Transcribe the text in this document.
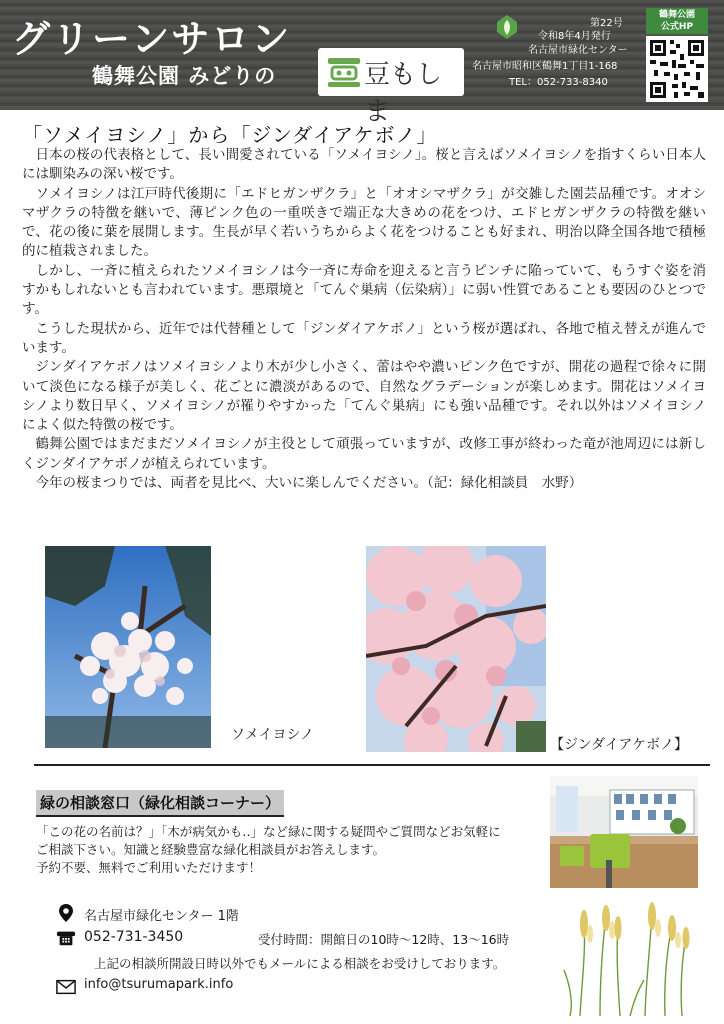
グリーンサロン
鶴舞公園 みどりの	豆もしま
第22号
令和8年4月発行
名古屋市緑化センター
名古屋市昭和区鶴舞1丁目1-168
TEL：052-733-8340
鶴舞公園
公式HP
「ソメイヨシノ」から「ジンダイアケボノ」

日本の桜の代表格として、長い間愛されている「ソメイヨシノ」。桜と言えばソメイヨシノを指すくらい日本人には馴染みの深い桜です。

ソメイヨシノは江戸時代後期に「エドヒガンザクラ」と「オオシマザクラ」が交雑した園芸品種です。オオシマザクラの特徴を継いで、薄ピンク色の一重咲きで端正な大きめの花をつけ、エドヒガンザクラの特徴を継いで、花の後に葉を展開します。生長が早く若いうちからよく花をつけることも好まれ、明治以降全国各地で積極的に植栽されました。

しかし、一斉に植えられたソメイヨシノは今一斉に寿命を迎えると言うピンチに陥っていて、もうすぐ姿を消すかもしれないとも言われています。悪環境と「てんぐ巣病（伝染病）」に弱い性質であることも要因のひとつです。

こうした現状から、近年では代替種として「ジンダイアケボノ」という桜が選ばれ、各地で植え替えが進んでいます。

ジンダイアケボノはソメイヨシノより木が少し小さく、蕾はやや濃いピンク色ですが、開花の過程で徐々に開いて淡色になる様子が美しく、花ごとに濃淡があるので、自然なグラデーションが楽しめます。開花はソメイヨシノより数日早く、ソメイヨシノが罹りやすかった「てんぐ巣病」にも強い品種です。それ以外はソメイヨシノによく似た特徴の桜です。

鶴舞公園ではまだまだソメイヨシノが主役として頑張っていますが、改修工事が終わった竜が池周辺には新しくジンダイアケボノが植えられています。

今年の桜まつりでは、両者を見比べ、大いに楽しんでください。（記：緑化相談員　水野）

ソメイヨシノ
【ジンダイアケボノ】
緑の相談窓口（緑化相談コーナー）
「この花の名前は？」「木が病気かも‥」など緑に関する疑問やご質問などお気軽に
ご相談下さい。知識と経験豊富な緑化相談員がお答えします。
予約不要、無料でご利用いただけます！
名古屋市緑化センター 1階
052-731-3450	受付時間：開館日の10時～12時、13～16時
上記の相談所開設日時以外でもメールによる相談をお受けしております。
info@tsurumapark.info
